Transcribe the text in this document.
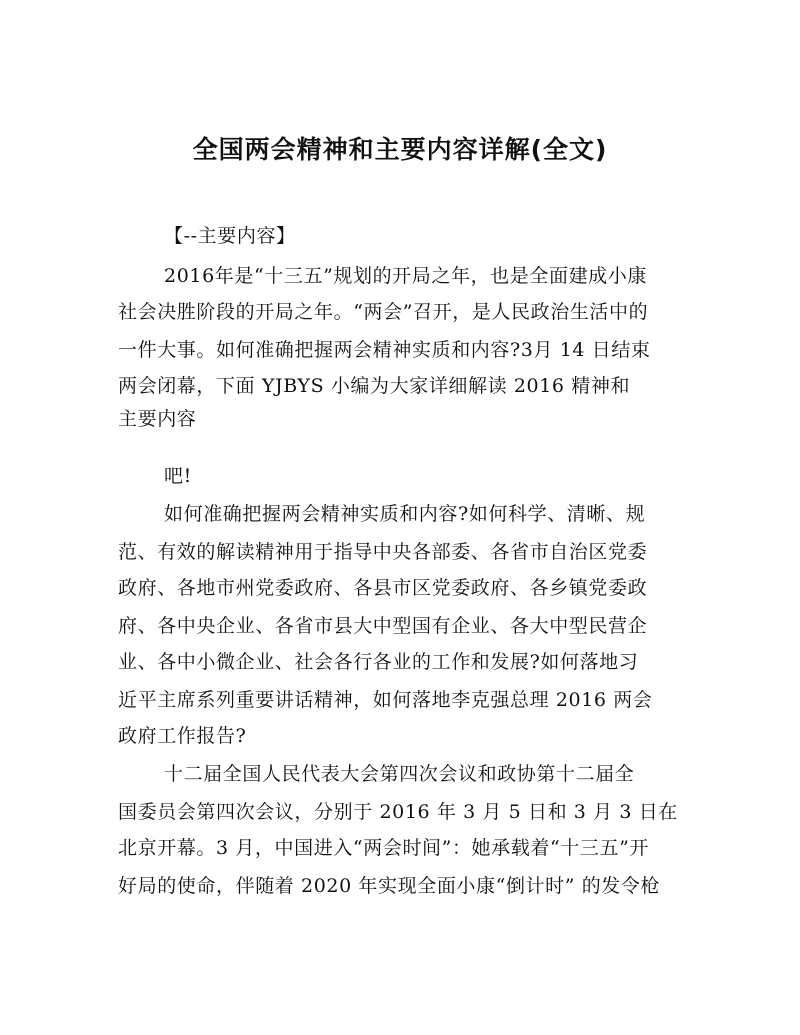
全国两会精神和主要内容详解(全文)

【--主要内容】

2016年是“十三五”规划的开局之年，也是全面建成小康

社会决胜阶段的开局之年。“两会”召开，是人民政治生活中的

一件大事。如何准确把握两会精神实质和内容?3月 14 日结束

两会闭幕，下面 YJBYS 小编为大家详细解读 2016 精神和

主要内容

吧!

如何准确把握两会精神实质和内容?如何科学、清晰、规

范、有效的解读精神用于指导中央各部委、各省市自治区党委

政府、各地市州党委政府、各县市区党委政府、各乡镇党委政

府、各中央企业、各省市县大中型国有企业、各大中型民营企

业、各中小微企业、社会各行各业的工作和发展?如何落地习

近平主席系列重要讲话精神，如何落地李克强总理 2016 两会

政府工作报告?

十二届全国人民代表大会第四次会议和政协第十二届全

国委员会第四次会议，分别于 2016 年 3 月 5 日和 3 月 3 日在

北京开幕。3 月，中国进入“两会时间”：她承载着“十三五”开

好局的使命，伴随着 2020 年实现全面小康“倒计时” 的发令枪
